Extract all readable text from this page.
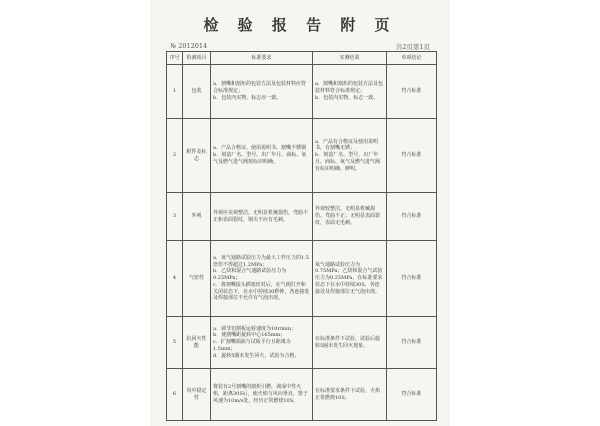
检 验 报 告 附 页
№ 2012014	共2页第1页
序号	检测项目	标准要求	实测结果	单项结论
1	包装	a．割嘴和割炬的包装方法及包装材料应符合标准规定；
b．包装内实物，标志应一致。	a．割嘴和割炬的包装方法及包装材料符合标准规定；
b．包装内实物、标志一致。	符合标准
2	附件及标志	a．产品合格证、使用说明书、割嘴不锈钢
b．刻造厂名、型号、出厂年月、商标、氧气及燃气进气阀按标识明确。	a．产品有合格证及使用说明书，有割嘴无锈；
b．刻造厂名、型号、出厂年月、商标、氧气及燃气进气阀有标识明确、鲜明。	符合标准
3	外观	外观应美观整洁，无明显机械损伤，弯曲不正和表面裂纹，钢尖不应有毛刺。	外观较整洁，无明显机械损伤、弯曲不正；无明显表面裂纹，表面无毛刺。	符合标准
4	气密性	a．氧气通路试验压力为最大工作压力的1.5倍但不得超过1.2MPa；
b．乙炔和混合气通路试验压力为0.25MPa；
c．将割嘴接头插塞密封后，在气阀打开和关闭状态下，在水中持续30秒钟，各连接处及焊接部位不允许有气泡出现。	氧气通路试验压力为0.75MPa；乙炔和混合气试验压力为0.25MPa，在标准要求状态下在水中持续30S，各连接处及焊接部位无气泡出现。	符合标准
5	抗回火性能	a．调节切割板运转速度为10r/min；
b．使割嘴距旋转中心165mm；
c．扩割嘴端面与试板平行且距离为1.5mm；
d．旋转5圈未发生回火，试验为合格。	在标准条件下试验，试验后旋转5圈未发生回火现象。	符合标准
6	风中稳定性	将装有2号割嘴的割炬引燃，调成中性火焰，距离30S后，使火焰与风向垂直，置于风速为10m/s处，经历正常燃烧10S。	在标准要求条件下试验，火焰正常燃烧10S。	符合标准
